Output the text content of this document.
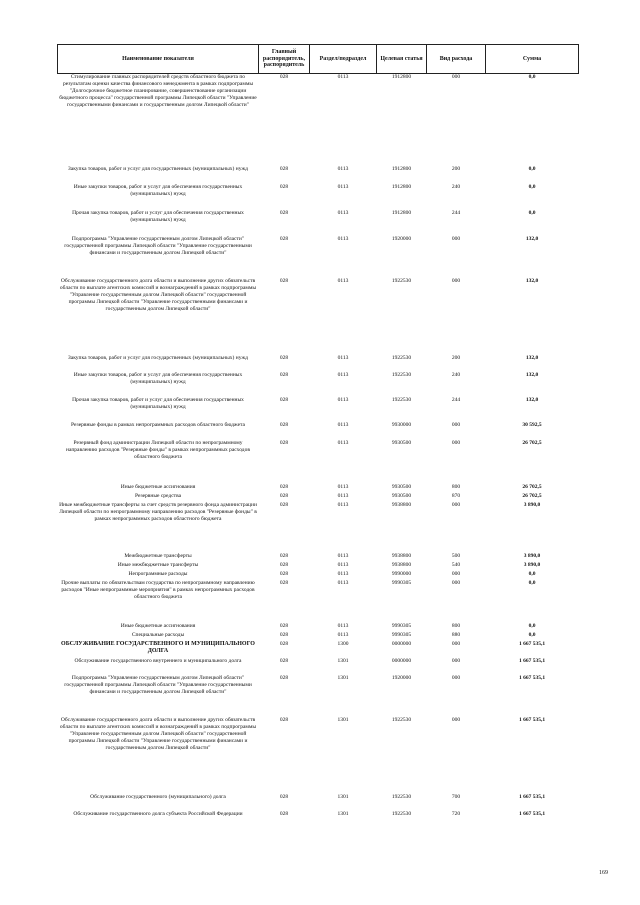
Наименование показателя	Главный распорядитель, распорядитель	Раздел/подраздел	Целевая статья	Вид расхода	Сумма
Стимулирование главных распорядителей средств областного бюджета по результатам оценки качества финансового менеджмента в рамках подпрограммы "Долгосрочное бюджетное планирование, совершенствование организации бюджетного процесса" государственной программы Липецкой области "Управление государственными финансами и государственным долгом Липецкой области"	028	0113	1912800	000	0,0
Закупка товаров, работ и услуг для государственных (муниципальных) нужд	028	0113	1912800	200	0,0
Иные закупки товаров, работ и услуг для обеспечения государственных (муниципальных) нужд	028	0113	1912800	240	0,0
Прочая закупка товаров, работ и услуг для обеспечения государственных (муниципальных) нужд	028	0113	1912800	244	0,0
Подпрограмма "Управление государственным долгом Липецкой области" государственной программы Липецкой области "Управление государственными финансами и государственным долгом Липецкой области"	028	0113	1920000	000	132,0
Обслуживание государственного долга области и выполнение других обязательств области по выплате агентских комиссий и вознаграждений в рамках подпрограммы "Управление государственным долгом Липецкой области" государственной программы Липецкой области "Управление государственными финансами и государственным долгом Липецкой области"	028	0113	1922530	000	132,0
Закупка товаров, работ и услуг для государственных (муниципальных) нужд	028	0113	1922530	200	132,0
Иные закупки товаров, работ и услуг для обеспечения государственных (муниципальных) нужд	028	0113	1922530	240	132,0
Прочая закупка товаров, работ и услуг для обеспечения государственных (муниципальных) нужд	028	0113	1922530	244	132,0
Резервные фонды в рамках непрограммных расходов областного бюджета	028	0113	9930000	000	30 592,5
Резервный фонд администрации Липецкой области по непрограммному направлению расходов "Резервные фонды" в рамках непрограммных расходов областного бюджета	028	0113	9930500	000	26 702,5
Иные бюджетные ассигнования	028	0113	9930500	800	26 702,5
Резервные средства	028	0113	9930500	870	26 702,5
Иные межбюджетные трансферты за счет средств резервного фонда администрации Липецкой области по непрограммному направлению расходов "Резервные фонды" в рамках непрограммных расходов областного бюджета	028	0113	9938800	000	3 890,0
Межбюджетные трансферты	028	0113	9938800	500	3 890,0
Иные межбюджетные трансферты	028	0113	9938800	540	3 890,0
Непрограммные расходы	028	0113	9990000	000	0,0
Прочие выплаты по обязательствам государства по непрограммному направлению расходов "Иные непрограммные мероприятия" в рамках непрограммных расходов областного бюджета	028	0113	9990305	000	0,0
Иные бюджетные ассигнования	028	0113	9990305	800	0,0
Специальные расходы	028	0113	9990305	880	0,0
ОБСЛУЖИВАНИЕ ГОСУДАРСТВЕННОГО И МУНИЦИПАЛЬНОГО ДОЛГА	028	1300	0000000	000	1 667 535,1
Обслуживание государственного внутреннего и муниципального долга	028	1301	0000000	000	1 667 535,1
Подпрограмма "Управление государственным долгом Липецкой области" государственной программы Липецкой области "Управление государственными финансами и государственным долгом Липецкой области"	028	1301	1920000	000	1 667 535,1
Обслуживание государственного долга области и выполнение других обязательств области по выплате агентских комиссий и вознаграждений в рамках подпрограммы "Управление государственным долгом Липецкой области" государственной программы Липецкой области "Управление государственными финансами и государственным долгом Липецкой области"	028	1301	1922530	000	1 667 535,1
Обслуживание государственного (муниципального) долга	028	1301	1922530	700	1 667 535,1
Обслуживание государственного долга субъекта Российской Федерации	028	1301	1922530	720	1 667 535,1
169
